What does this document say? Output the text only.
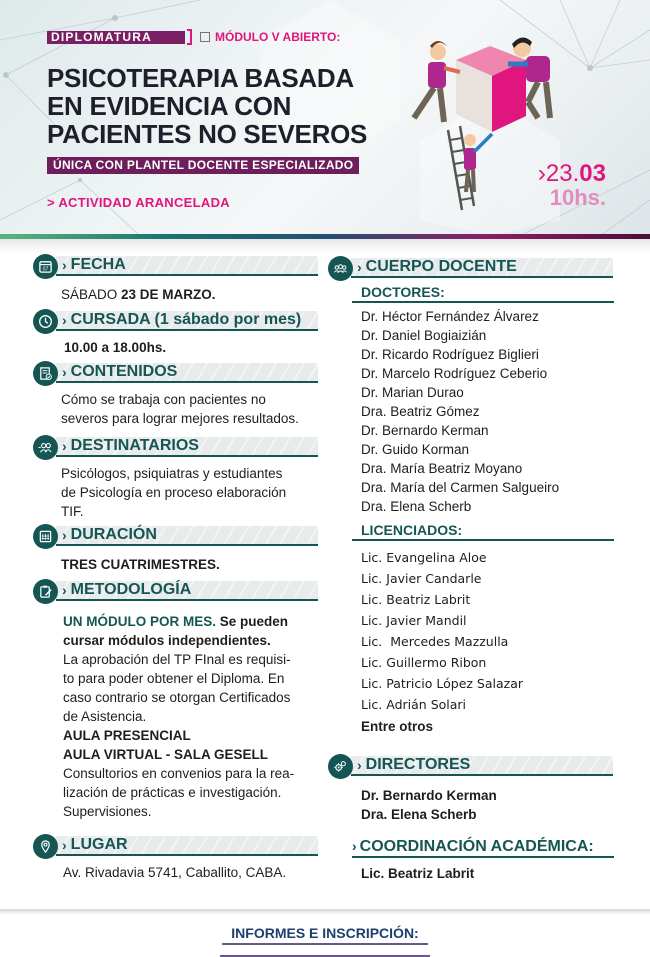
DIPLOMATURA	MÓDULO V ABIERTO:
PSICOTERAPIA BASADA
EN EVIDENCIA CON
PACIENTES NO SEVEROS
ÚNICA CON PLANTEL DOCENTE ESPECIALIZADO
> ACTIVIDAD ARANCELADA
›23.03
10hs.
07 › FECHA
SÁBADO 23 DE MARZO.
› CURSADA (1 sábado por mes)
10.00 a 18.00hs.
› CONTENIDOS
Cómo se trabaja con pacientes no
severos para lograr mejores resultados.
› DESTINATARIOS
Psicólogos, psiquiatras y estudiantes
de Psicología en proceso elaboración
TIF.
› DURACIÓN
TRES CUATRIMESTRES.
› METODOLOGÍA
UN MÓDULO POR MES. Se pueden
cursar módulos independientes.
La aprobación del TP FInal es requisi-
to para poder obtener el Diploma. En
caso contrario se otorgan Certificados
de Asistencia.
AULA PRESENCIAL
AULA VIRTUAL - SALA GESELL
Consultorios en convenios para la rea-
lización de prácticas e investigación.
Supervisiones.
› LUGAR
Av. Rivadavia 5741, Caballito, CABA.
› CUERPO DOCENTE
DOCTORES:
Dr. Héctor Fernández Álvarez
Dr. Daniel Bogiaizián
Dr. Ricardo Rodríguez Biglieri
Dr. Marcelo Rodríguez Ceberio
Dr. Marian Durao
Dra. Beatriz Gómez
Dr. Bernardo Kerman
Dr. Guido Korman
Dra. María Beatriz Moyano
Dra. María del Carmen Salgueiro
Dra. Elena Scherb
LICENCIADOS:
Lic. Evangelina Aloe
Lic. Javier Candarle
Lic. Beatriz Labrit
Lic. Javier Mandil
Lic.  Mercedes Mazzulla
Lic. Guillermo Ribon
Lic. Patricio López Salazar
Lic. Adrián Solari
Entre otros
› DIRECTORES
Dr. Bernardo Kerman
Dra. Elena Scherb
› COORDINACIÓN ACADÉMICA:
Lic. Beatriz Labrit
INFORMES E INSCRIPCIÓN:
